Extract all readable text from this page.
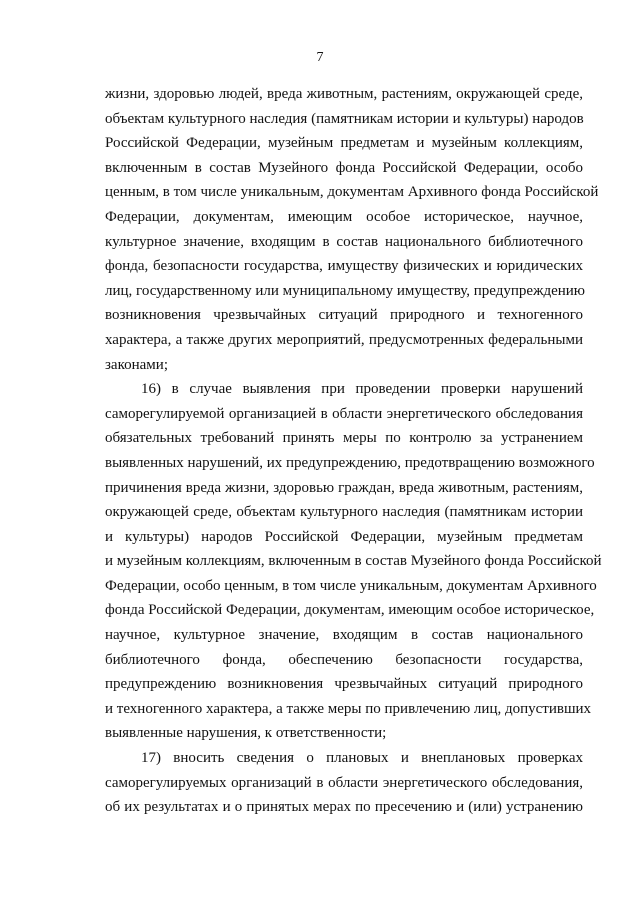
7
жизни, здоровью людей, вреда животным, растениям, окружающей среде,
объектам культурного наследия (памятникам истории и культуры) народов
Российской Федерации, музейным предметам и музейным коллекциям,
включенным в состав Музейного фонда Российской Федерации, особо
ценным, в том числе уникальным, документам Архивного фонда Российской
Федерации, документам, имеющим особое историческое, научное,
культурное значение, входящим в состав национального библиотечного
фонда, безопасности государства, имуществу физических и юридических
лиц, государственному или муниципальному имуществу, предупреждению
возникновения чрезвычайных ситуаций природного и техногенного
характера, а также других мероприятий, предусмотренных федеральными
законами;
16) в случае выявления при проведении проверки нарушений
саморегулируемой организацией в области энергетического обследования
обязательных требований принять меры по контролю за устранением
выявленных нарушений, их предупреждению, предотвращению возможного
причинения вреда жизни, здоровью граждан, вреда животным, растениям,
окружающей среде, объектам культурного наследия (памятникам истории
и культуры) народов Российской Федерации, музейным предметам
и музейным коллекциям, включенным в состав Музейного фонда Российской
Федерации, особо ценным, в том числе уникальным, документам Архивного
фонда Российской Федерации, документам, имеющим особое историческое,
научное, культурное значение, входящим в состав национального
библиотечного фонда, обеспечению безопасности государства,
предупреждению возникновения чрезвычайных ситуаций природного
и техногенного характера, а также меры по привлечению лиц, допустивших
выявленные нарушения, к ответственности;
17) вносить сведения о плановых и внеплановых проверках
саморегулируемых организаций в области энергетического обследования,
об их результатах и о принятых мерах по пресечению и (или) устранению
